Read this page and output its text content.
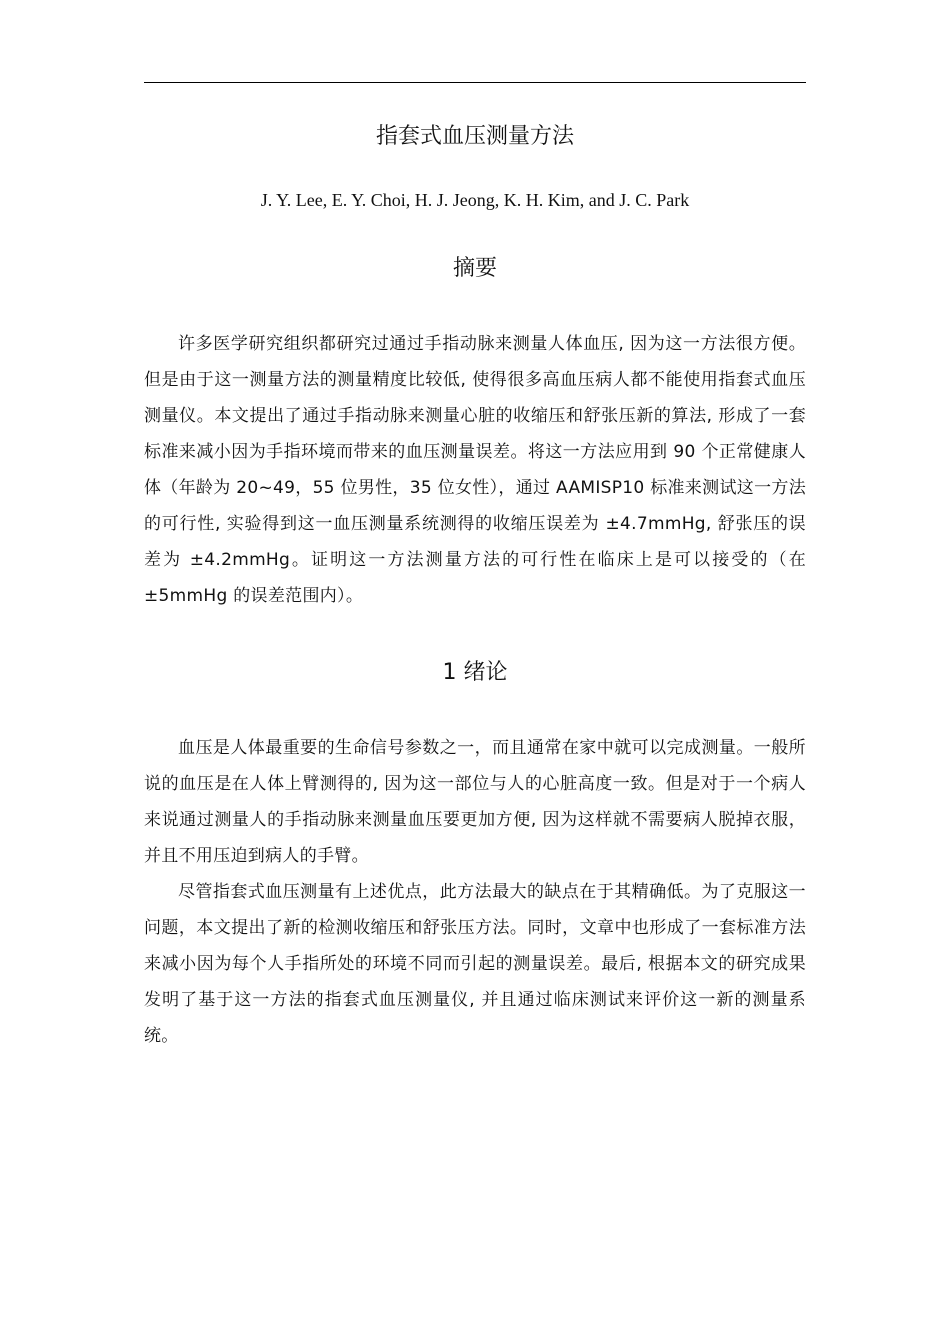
指套式血压测量方法

J. Y. Lee, E. Y. Choi, H. J. Jeong, K. H. Kim, and J. C. Park

摘要

许多医学研究组织都研究过通过手指动脉来测量人体血压, 因为这一方法很方便。但是由于这一测量方法的测量精度比较低, 使得很多高血压病人都不能使用指套式血压测量仪。本文提出了通过手指动脉来测量心脏的收缩压和舒张压新的算法, 形成了一套标准来减小因为手指环境而带来的血压测量误差。将这一方法应用到 90 个正常健康人体（年龄为 20~49，55 位男性，35 位女性），通过 AAMISP10 标准来测试这一方法的可行性, 实验得到这一血压测量系统测得的收缩压误差为 ±4.7mmHg, 舒张压的误差为 ±4.2mmHg。证明这一方法测量方法的可行性在临床上是可以接受的（在 ±5mmHg 的误差范围内）。

1 绪论

血压是人体最重要的生命信号参数之一，而且通常在家中就可以完成测量。一般所说的血压是在人体上臂测得的, 因为这一部位与人的心脏高度一致。但是对于一个病人来说通过测量人的手指动脉来测量血压要更加方便, 因为这样就不需要病人脱掉衣服，并且不用压迫到病人的手臂。

尽管指套式血压测量有上述优点，此方法最大的缺点在于其精确低。为了克服这一问题，本文提出了新的检测收缩压和舒张压方法。同时，文章中也形成了一套标准方法来减小因为每个人手指所处的环境不同而引起的测量误差。最后, 根据本文的研究成果发明了基于这一方法的指套式血压测量仪, 并且通过临床测试来评价这一新的测量系统。
